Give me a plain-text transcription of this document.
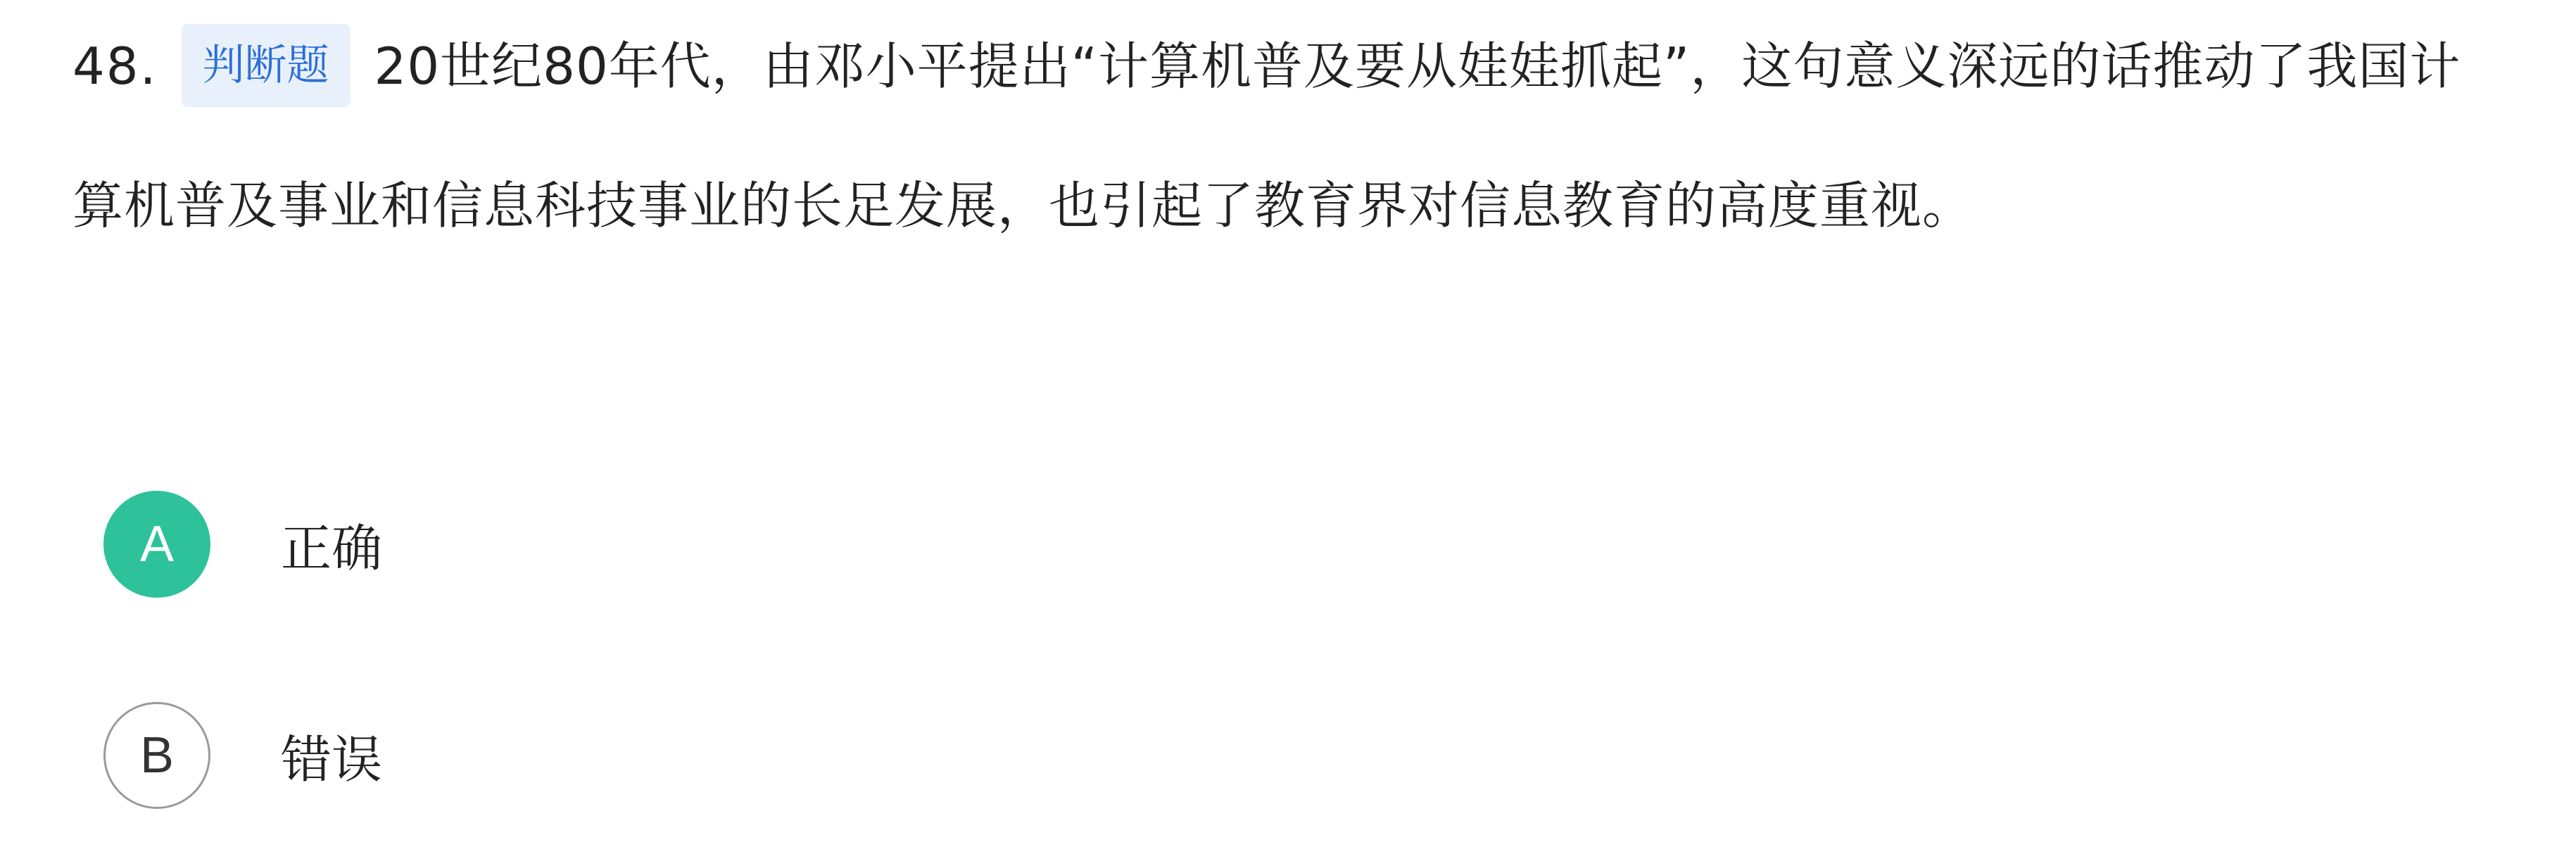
48. 判断题 20世纪80年代，由邓小平提出“计算机普及要从娃娃抓起”，这句意义深远的话推动了我国计算机普及事业和信息科技事业的长足发展，也引起了教育界对信息教育的高度重视。
A	正确
B	错误
